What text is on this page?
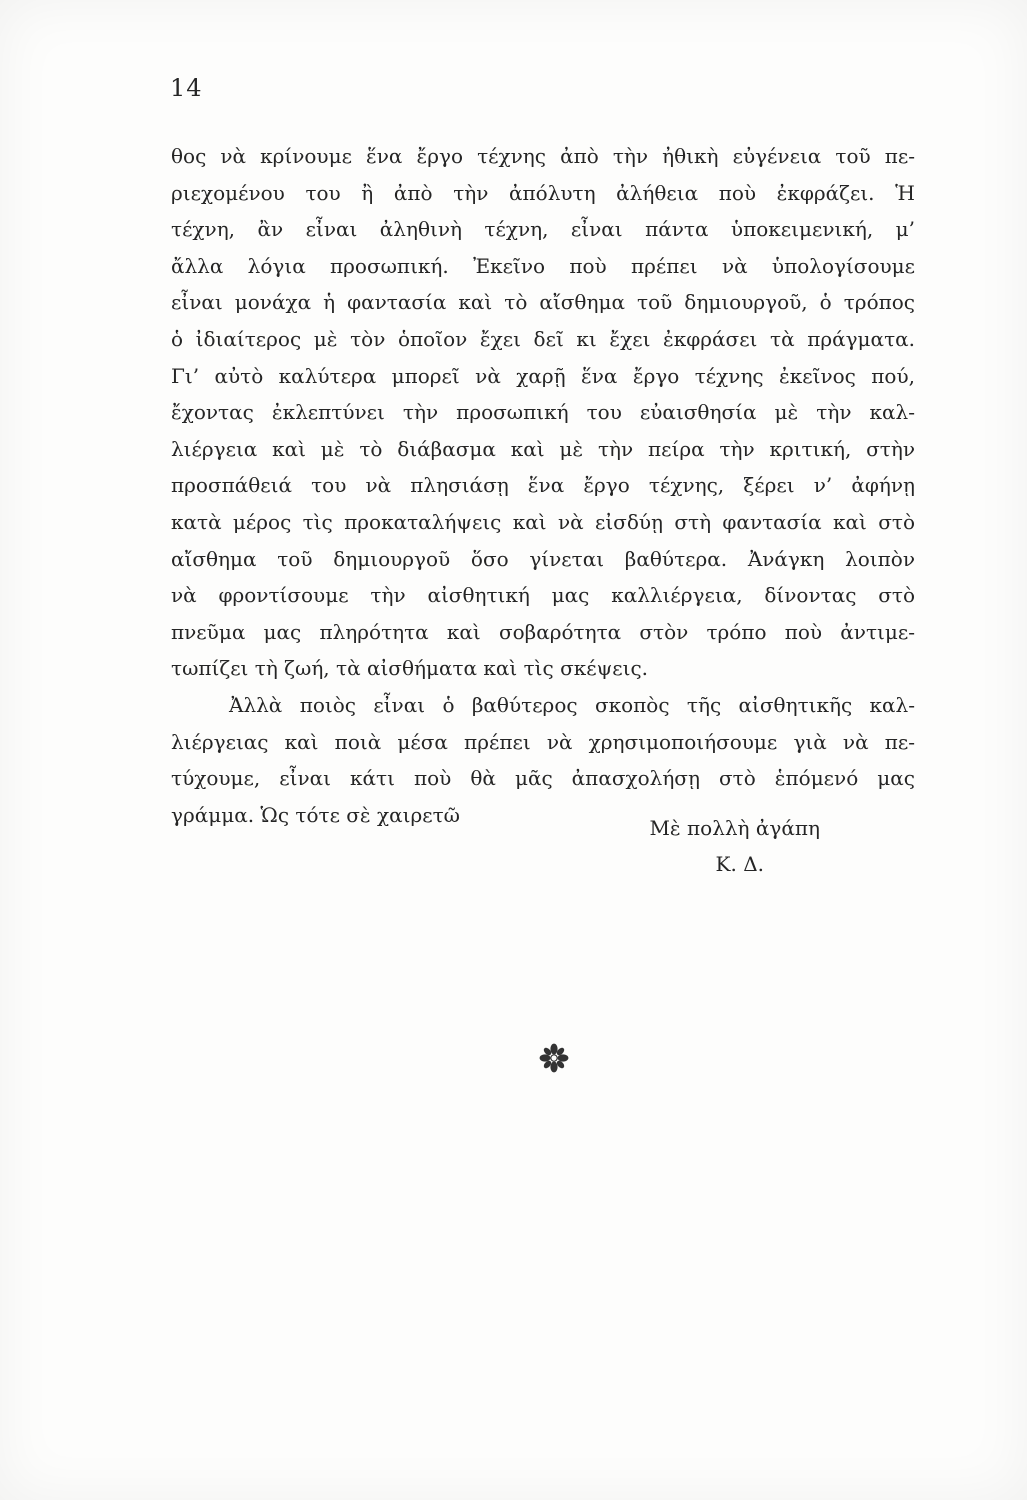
14
θος νὰ κρίνουμε ἕνα ἔργο τέχνης ἀπὸ τὴν ἠθικὴ εὐγένεια τοῦ πε-
ριεχομένου του ἢ ἀπὸ τὴν ἀπόλυτη ἀλήθεια ποὺ ἐκφράζει. Ἡ
τέχνη, ἂν εἶναι ἀληθινὴ τέχνη, εἶναι πάντα ὑποκειμενική, μ’
ἄλλα λόγια προσωπική. Ἐκεῖνο ποὺ πρέπει νὰ ὑπολογίσουμε
εἶναι μονάχα ἡ φαντασία καὶ τὸ αἴσθημα τοῦ δημιουργοῦ, ὁ τρόπος
ὁ ἰδιαίτερος μὲ τὸν ὁποῖον ἔχει δεῖ κι ἔχει ἐκφράσει τὰ πράγματα.
Γι’ αὐτὸ καλύτερα μπορεῖ νὰ χαρῇ ἕνα ἔργο τέχνης ἐκεῖνος πού,
ἔχοντας ἐκλεπτύνει τὴν προσωπική του εὐαισθησία μὲ τὴν καλ-
λιέργεια καὶ μὲ τὸ διάβασμα καὶ μὲ τὴν πείρα τὴν κριτική, στὴν
προσπάθειά του νὰ πλησιάσῃ ἕνα ἔργο τέχνης, ξέρει ν’ ἀφήνῃ
κατὰ μέρος τὶς προκαταλήψεις καὶ νὰ εἰσδύῃ στὴ φαντασία καὶ στὸ
αἴσθημα τοῦ δημιουργοῦ ὅσο γίνεται βαθύτερα. Ἀνάγκη λοιπὸν
νὰ φροντίσουμε τὴν αἰσθητική μας καλλιέργεια, δίνοντας στὸ
πνεῦμα μας πληρότητα καὶ σοβαρότητα στὸν τρόπο ποὺ ἀντιμε-
τωπίζει τὴ ζωή, τὰ αἰσθήματα καὶ τὶς σκέψεις.
Ἀλλὰ ποιὸς εἶναι ὁ βαθύτερος σκοπὸς τῆς αἰσθητικῆς καλ-
λιέργειας καὶ ποιὰ μέσα πρέπει νὰ χρησιμοποιήσουμε γιὰ νὰ πε-
τύχουμε, εἶναι κάτι ποὺ θὰ μᾶς ἀπασχολήσῃ στὸ ἑπόμενό μας
γράμμα. Ὡς τότε σὲ χαιρετῶ
Μὲ πολλὴ ἀγάπη
Κ. Δ.
